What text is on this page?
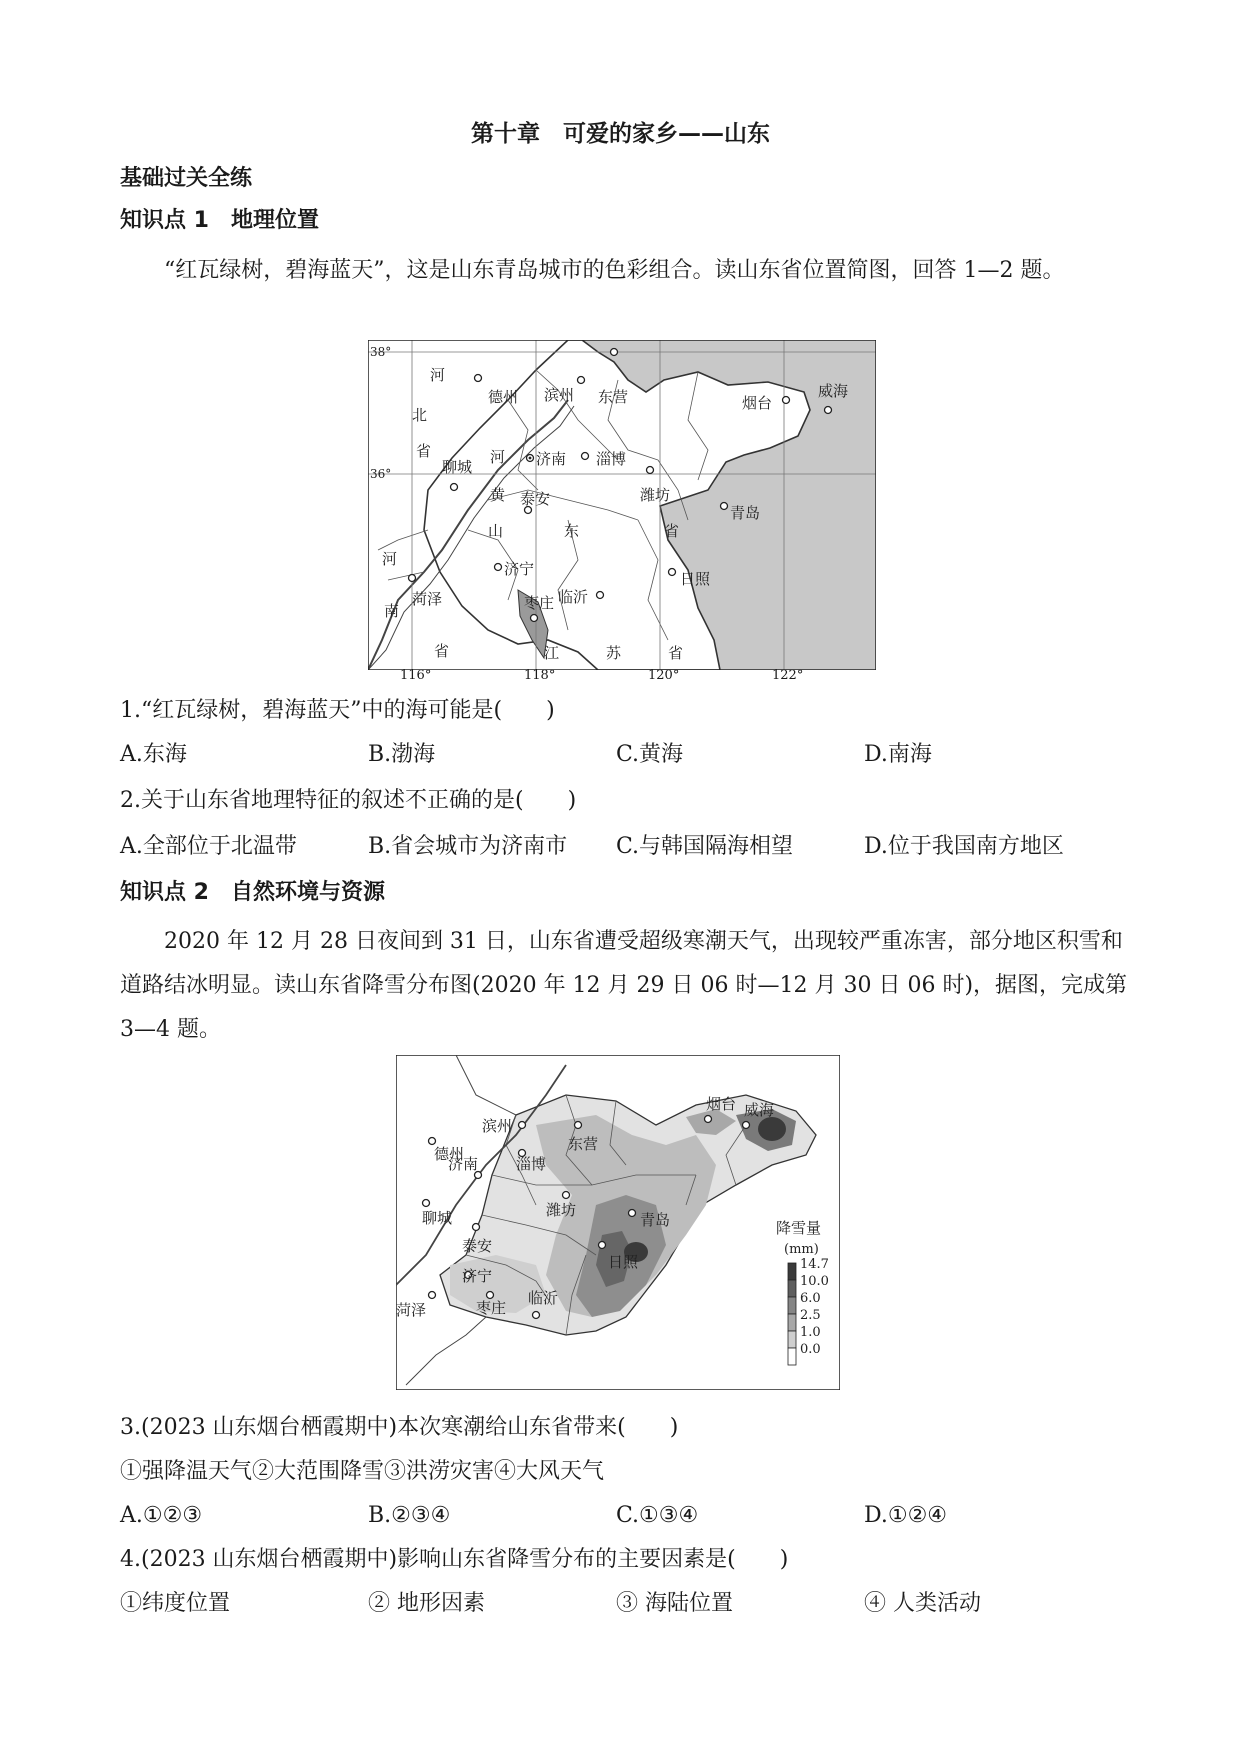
第十章　可爱的家乡——山东
基础过关全练
知识点 1　地理位置
“红瓦绿树，碧海蓝天”，这是山东青岛城市的色彩组合。读山东省位置简图，回答 1—2 题。
德州 滨州 东营	烟台
威海
聊城	济南 淄博
潍坊
泰安
青岛
济宁
菏泽	临沂
枣庄
日照
河
北
省
河
南
省
黄
河
山	东	省
江	苏	省
38°
36°
116°	118°	120°	122°
1.“红瓦绿树，碧海蓝天”中的海可能是(　　)
A.东海	B.渤海	C.黄海	D.南海
2.关于山东省地理特征的叙述不正确的是(　　)
A.全部位于北温带	B.省会城市为济南市 C.与韩国隔海相望	D.位于我国南方地区
知识点 2　自然环境与资源
2020 年 12 月 28 日夜间到 31 日，山东省遭受超级寒潮天气，出现较严重冻害，部分地区积雪和道路结冰明显。读山东省降雪分布图(2020 年 12 月 29 日 06 时—12 月 30 日 06 时)，据图，完成第 3—4 题。
烟台 威海
德州
滨州
东营
济南	淄博
聊城	潍坊
泰安
青岛
日照
济宁
菏泽	枣庄
临沂
降雪量
(mm)
14.7
10.0
6.0
2.5
1.0
0.0
3.(2023 山东烟台栖霞期中)本次寒潮给山东省带来(　　)
①强降温天气②大范围降雪③洪涝灾害④大风天气
A.①②③	B.②③④	C.①③④	D.①②④
4.(2023 山东烟台栖霞期中)影响山东省降雪分布的主要因素是(　　)
①纬度位置	② 地形因素	③ 海陆位置	④ 人类活动
